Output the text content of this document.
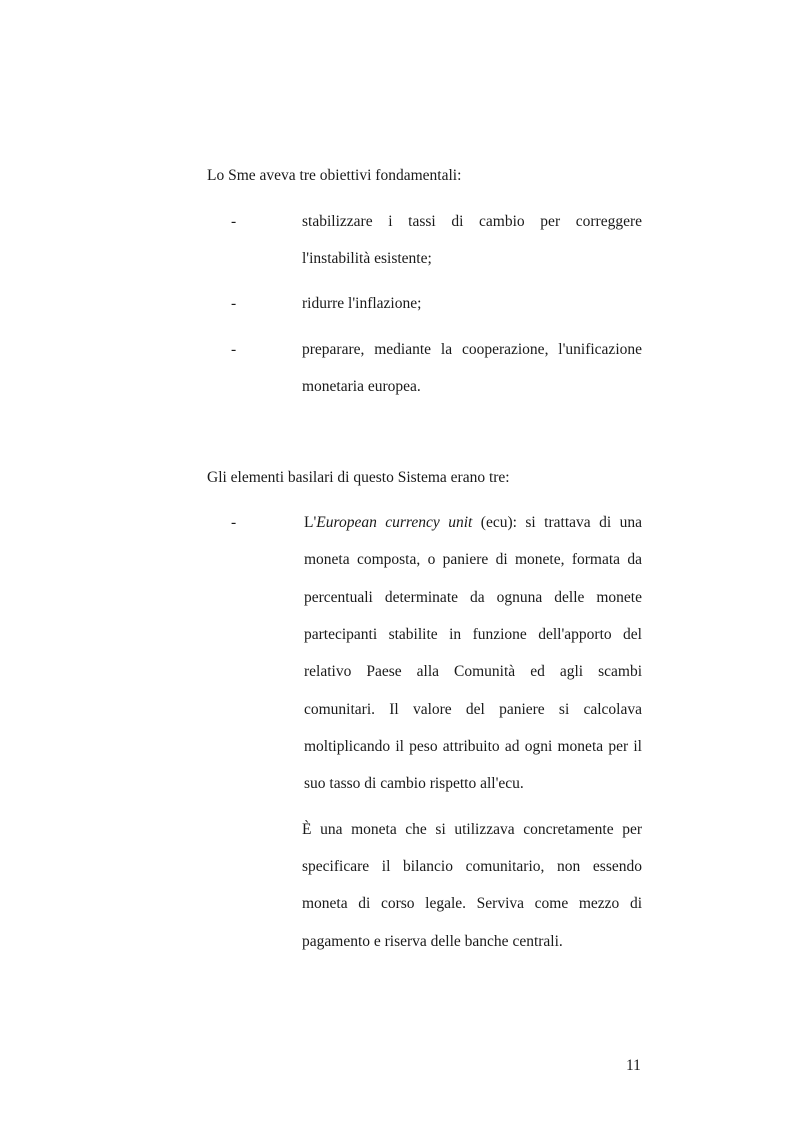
Lo Sme aveva tre obiettivi fondamentali:
-	stabilizzare i tassi di cambio per correggere
l'instabilità esistente;
-	ridurre l'inflazione;
-	preparare, mediante la cooperazione, l'unificazione
monetaria europea.
Gli elementi basilari di questo Sistema erano tre:
-	L'European currency unit (ecu): si trattava di una
moneta composta, o paniere di monete, formata da
percentuali determinate da ognuna delle monete
partecipanti stabilite in funzione dell'apporto del
relativo Paese alla Comunità ed agli scambi
comunitari. Il valore del paniere si calcolava
moltiplicando il peso attribuito ad ogni moneta per il
suo tasso di cambio rispetto all'ecu.
È una moneta che si utilizzava concretamente per
specificare il bilancio comunitario, non essendo
moneta di corso legale. Serviva come mezzo di
pagamento e riserva delle banche centrali.
11
